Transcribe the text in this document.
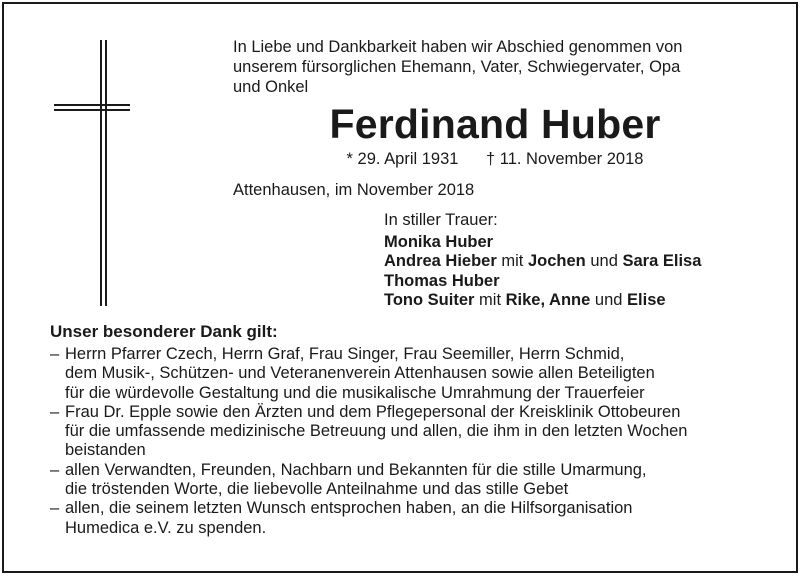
In Liebe und Dankbarkeit haben wir Abschied genommen von
unserem fürsorglichen Ehemann, Vater, Schwiegervater, Opa
und Onkel
Ferdinand Huber
* 29. April 1931 † 11. November 2018
Attenhausen, im November 2018
In stiller Trauer:
Monika Huber
Andrea Hieber mit Jochen und Sara Elisa
Thomas Huber
Tono Suiter mit Rike, Anne und Elise
Unser besonderer Dank gilt:
– Herrn Pfarrer Czech, Herrn Graf, Frau Singer, Frau Seemiller, Herrn Schmid,
dem Musik-, Schützen- und Veteranenverein Attenhausen sowie allen Beteiligten
für die würdevolle Gestaltung und die musikalische Umrahmung der Trauerfeier
– Frau Dr. Epple sowie den Ärzten und dem Pflegepersonal der Kreisklinik Ottobeuren
für die umfassende medizinische Betreuung und allen, die ihm in den letzten Wochen
beistanden
– allen Verwandten, Freunden, Nachbarn und Bekannten für die stille Umarmung,
die tröstenden Worte, die liebevolle Anteilnahme und das stille Gebet
– allen, die seinem letzten Wunsch entsprochen haben, an die Hilfsorganisation
Humedica e.V. zu spenden.
